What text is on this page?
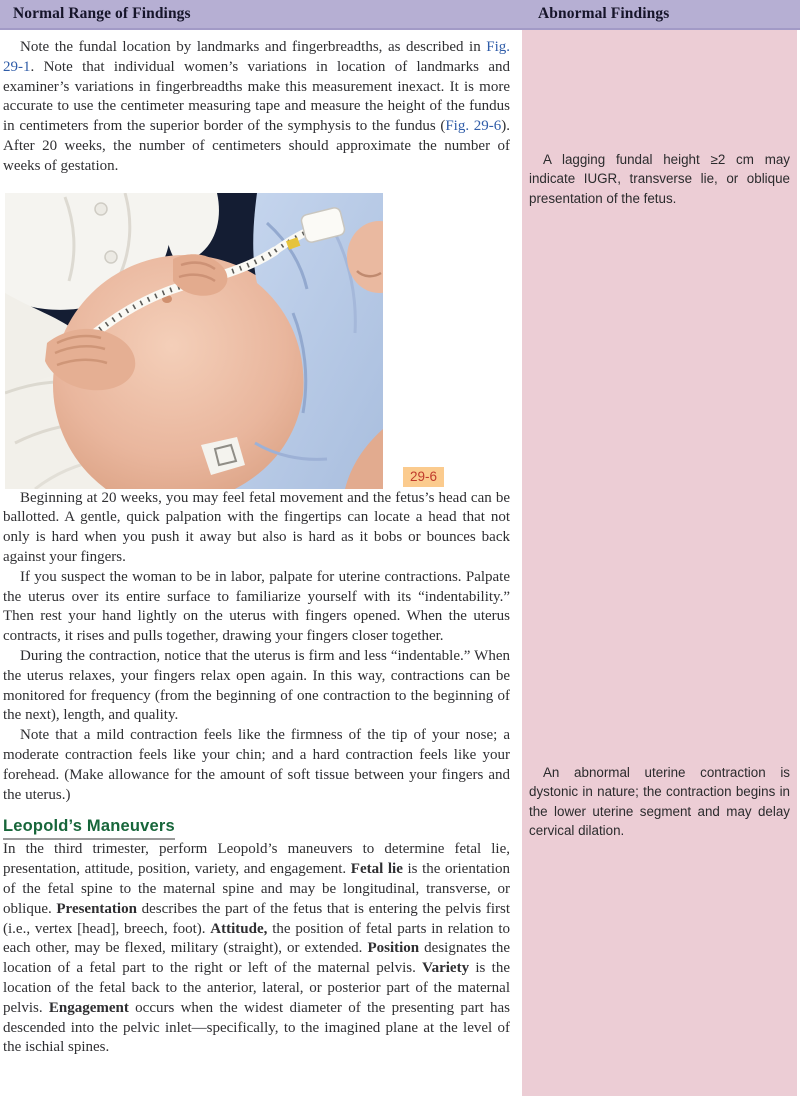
Normal Range of Findings	Abnormal Findings

A lagging fundal height ≥2 cm may indicate IUGR, transverse lie, or oblique presentation of the fetus.

An abnormal uterine contraction is dystonic in nature; the contraction begins in the lower uterine segment and may delay cervical dilation.

Note the fundal location by landmarks and fingerbreadths, as described in Fig. 29-1. Note that individual women’s variations in location of landmarks and examiner’s variations in fingerbreadths make this measurement inexact. It is more accurate to use the centimeter measuring tape and measure the height of the fundus in centimeters from the superior border of the symphysis to the fundus (Fig. 29-6). After 20 weeks, the number of centimeters should approximate the number of weeks of gestation.

29-6

Beginning at 20 weeks, you may feel fetal movement and the fetus’s head can be ballotted. A gentle, quick palpation with the fingertips can locate a head that not only is hard when you push it away but also is hard as it bobs or bounces back against your fingers.

If you suspect the woman to be in labor, palpate for uterine contractions. Palpate the uterus over its entire surface to familiarize yourself with its “indentability.” Then rest your hand lightly on the uterus with fingers opened. When the uterus contracts, it rises and pulls together, drawing your fingers closer together.

During the contraction, notice that the uterus is firm and less “indentable.” When the uterus relaxes, your fingers relax open again. In this way, contractions can be monitored for frequency (from the beginning of one contraction to the beginning of the next), length, and quality.

Note that a mild contraction feels like the firmness of the tip of your nose; a moderate contraction feels like your chin; and a hard contraction feels like your forehead. (Make allowance for the amount of soft tissue between your fingers and the uterus.)

Leopold’s Maneuvers

In the third trimester, perform Leopold’s maneuvers to determine fetal lie, presentation, attitude, position, variety, and engagement. Fetal lie is the orientation of the fetal spine to the maternal spine and may be longitudinal, transverse, or oblique. Presentation describes the part of the fetus that is entering the pelvis first (i.e., vertex [head], breech, foot). Attitude, the position of fetal parts in relation to each other, may be flexed, military (straight), or extended. Position designates the location of a fetal part to the right or left of the maternal pelvis. Variety is the location of the fetal back to the anterior, lateral, or posterior part of the maternal pelvis. Engagement occurs when the widest diameter of the presenting part has descended into the pelvic inlet—specifically, to the imagined plane at the level of the ischial spines.
